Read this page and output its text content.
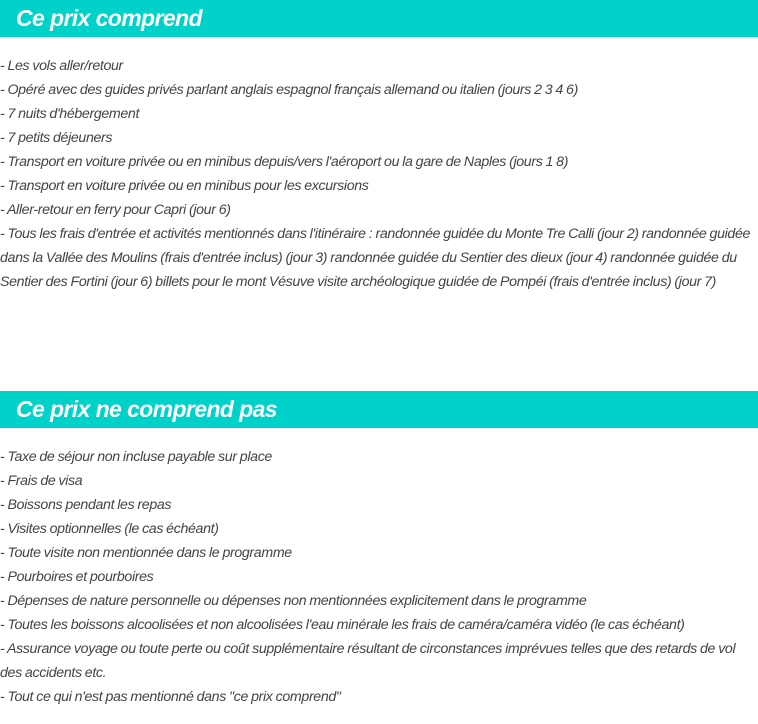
Ce prix comprend
- Les vols aller/retour
- Opéré avec des guides privés parlant anglais espagnol français allemand ou italien (jours 2 3 4 6)
- 7 nuits d'hébergement
- 7 petits déjeuners
- Transport en voiture privée ou en minibus depuis/vers l'aéroport ou la gare de Naples (jours 1 8)
- Transport en voiture privée ou en minibus pour les excursions
- Aller-retour en ferry pour Capri (jour 6)
- Tous les frais d'entrée et activités mentionnés dans l'itinéraire : randonnée guidée du Monte Tre Calli (jour 2) randonnée guidée dans la Vallée des Moulins (frais d'entrée inclus) (jour 3) randonnée guidée du Sentier des dieux (jour 4) randonnée guidée du Sentier des Fortini (jour 6) billets pour le mont Vésuve visite archéologique guidée de Pompéi (frais d'entrée inclus) (jour 7)
Ce prix ne comprend pas
- Taxe de séjour non incluse payable sur place
- Frais de visa
- Boissons pendant les repas
- Visites optionnelles (le cas échéant)
- Toute visite non mentionnée dans le programme
- Pourboires et pourboires
- Dépenses de nature personnelle ou dépenses non mentionnées explicitement dans le programme
- Toutes les boissons alcoolisées et non alcoolisées l'eau minérale les frais de caméra/caméra vidéo (le cas échéant)
- Assurance voyage ou toute perte ou coût supplémentaire résultant de circonstances imprévues telles que des retards de vol des accidents etc.
- Tout ce qui n'est pas mentionné dans "ce prix comprend"
